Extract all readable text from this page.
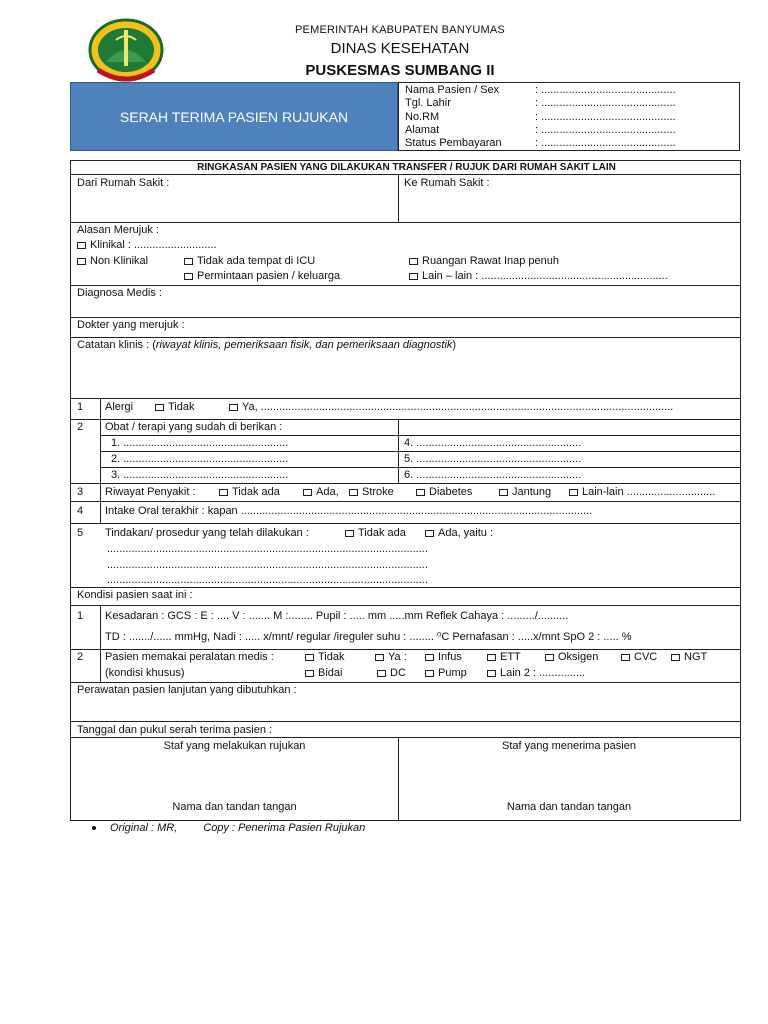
PEMERINTAH KABUPATEN BANYUMAS
DINAS KESEHATAN
PUSKESMAS SUMBANG II
SERAH TERIMA PASIEN RUJUKAN
Nama Pasien / Sex	: ............................................
Tgl. Lahir	: ............................................
No.RM	: ............................................
Alamat	: ............................................
Status Pembayaran	: ............................................
RINGKASAN PASIEN YANG DILAKUKAN TRANSFER / RUJUK DARI RUMAH SAKIT LAIN
Dari Rumah Sakit :	Ke Rumah Sakit :
Alasan Merujuk :
Klinikal : ...........................
Non Klinikal	Tidak ada tempat di ICU	Ruangan Rawat Inap penuh
Permintaan pasien / keluarga	Lain – lain : .............................................................
Diagnosa Medis :
Dokter yang merujuk :
Catatan klinis : (riwayat klinis, pemeriksaan fisik, dan pemeriksaan diagnostik)
1 Alergi	Tidak	Ya, .......................................................................................................................................
2 Obat / terapi yang sudah di berikan :
1. ......................................................
2. ......................................................
3. ......................................................
4. ......................................................
5. ......................................................
6. ......................................................
3 Riwayat Penyakit :	Tidak ada	Ada,	Stroke	Diabetes	Jantung	Lain-lain .............................
4 Intake Oral terakhir : kapan ...................................................................................................................
5 Tindakan/ prosedur yang telah dilakukan :	Tidak ada	Ada, yaitu :
.........................................................................................................
.........................................................................................................
.........................................................................................................
Kondisi pasien saat ini :
1 Kesadaran : GCS : E : .... V : ....... M :........ Pupil : ..... mm .....mm Reflek Cahaya : ........./..........
TD : ......./...... mmHg, Nadi : ..... x/mnt/ regular /ireguler suhu : ........ ⁰C Pernafasan : .....x/mnt SpO 2 : ..... %
2 Pasien memakai peralatan medis :
(kondisi khusus)
Tidak	Ya :	Infus	ETT	Oksigen	CVC	NGT
Bidai	DC	Pump	Lain 2 : ...............
Perawatan pasien lanjutan yang dibutuhkan :
Tanggal dan pukul serah terima pasien :
Staf yang melakukan rujukan	Staf yang menerima pasien
Nama dan tandan tangan	Nama dan tandan tangan
Original : MR, Copy : Penerima Pasien Rujukan
